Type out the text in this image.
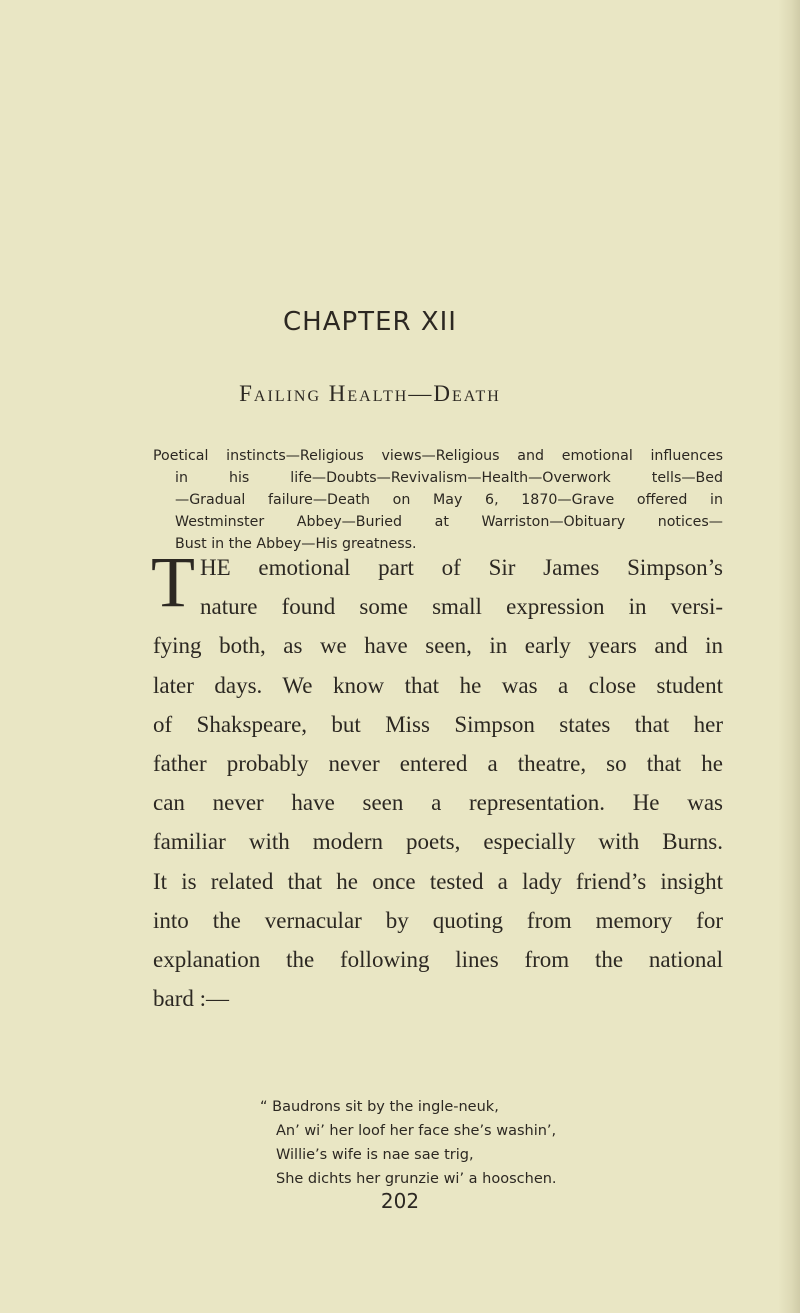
CHAPTER XII
Failing Health—Death
Poetical instincts—Religious views—Religious and emotional influences
in his life—Doubts—Revivalism—Health—Overwork tells—Bed
—Gradual failure—Death on May 6, 1870—Grave offered in
Westminster Abbey—Buried at Warriston—Obituary notices—
Bust in the Abbey—His greatness.
T HE emotional part of Sir James Simpson’s
nature found some small expression in versi-
fying both, as we have seen, in early years and in
later days. We know that he was a close student
of Shakspeare, but Miss Simpson states that her
father probably never entered a theatre, so that he
can never have seen a representation. He was
familiar with modern poets, especially with Burns.
It is related that he once tested a lady friend’s insight
into the vernacular by quoting from memory for
explanation the following lines from the national
bard :—
“ Baudrons sit by the ingle-neuk,
An’ wi’ her loof her face she’s washin’,
Willie’s wife is nae sae trig,
She dichts her grunzie wi’ a hooschen.
202
